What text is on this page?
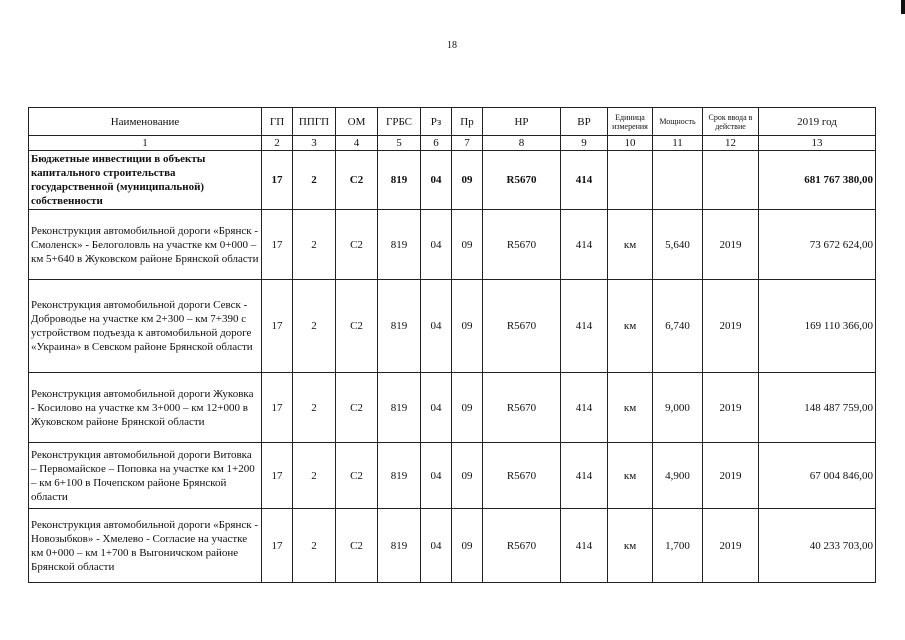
18
Наименование	ГП	ППГП	ОМ	ГРБС	Рз	Пр	НР	ВР	Единица измерения	Мощность	Срок ввода в действие	2019 год
1	2	3	4	5	6	7	8	9	10	11	12	13
Бюджетные инвестиции в объекты капитального строительства государственной (муниципальной) собственности	17	2	С2	819	04	09	R5670	414				681 767 380,00
Реконструкция автомобильной дороги «Брянск - Смоленск» - Белоголовль на участке км 0+000 – км 5+640 в Жуковском районе Брянской области	17	2	С2	819	04	09	R5670	414	км	5,640	2019	73 672 624,00
Реконструкция автомобильной дороги Севск - Доброводье на участке км 2+300 – км 7+390 с устройством подъезда к автомобильной дороге «Украина» в Севском районе Брянской области	17	2	С2	819	04	09	R5670	414	км	6,740	2019	169 110 366,00
Реконструкция автомобильной дороги Жуковка - Косилово на участке км 3+000 – км 12+000 в Жуковском районе Брянской области	17	2	С2	819	04	09	R5670	414	км	9,000	2019	148 487 759,00
Реконструкция автомобильной дороги Витовка – Первомайское – Поповка на участке км 1+200 – км 6+100 в Почепском районе Брянской области	17	2	С2	819	04	09	R5670	414	км	4,900	2019	67 004 846,00
Реконструкция автомобильной дороги «Брянск - Новозыбков» - Хмелево - Согласие на участке км 0+000 – км 1+700 в Выгоничском районе Брянской области	17	2	С2	819	04	09	R5670	414	км	1,700	2019	40 233 703,00
